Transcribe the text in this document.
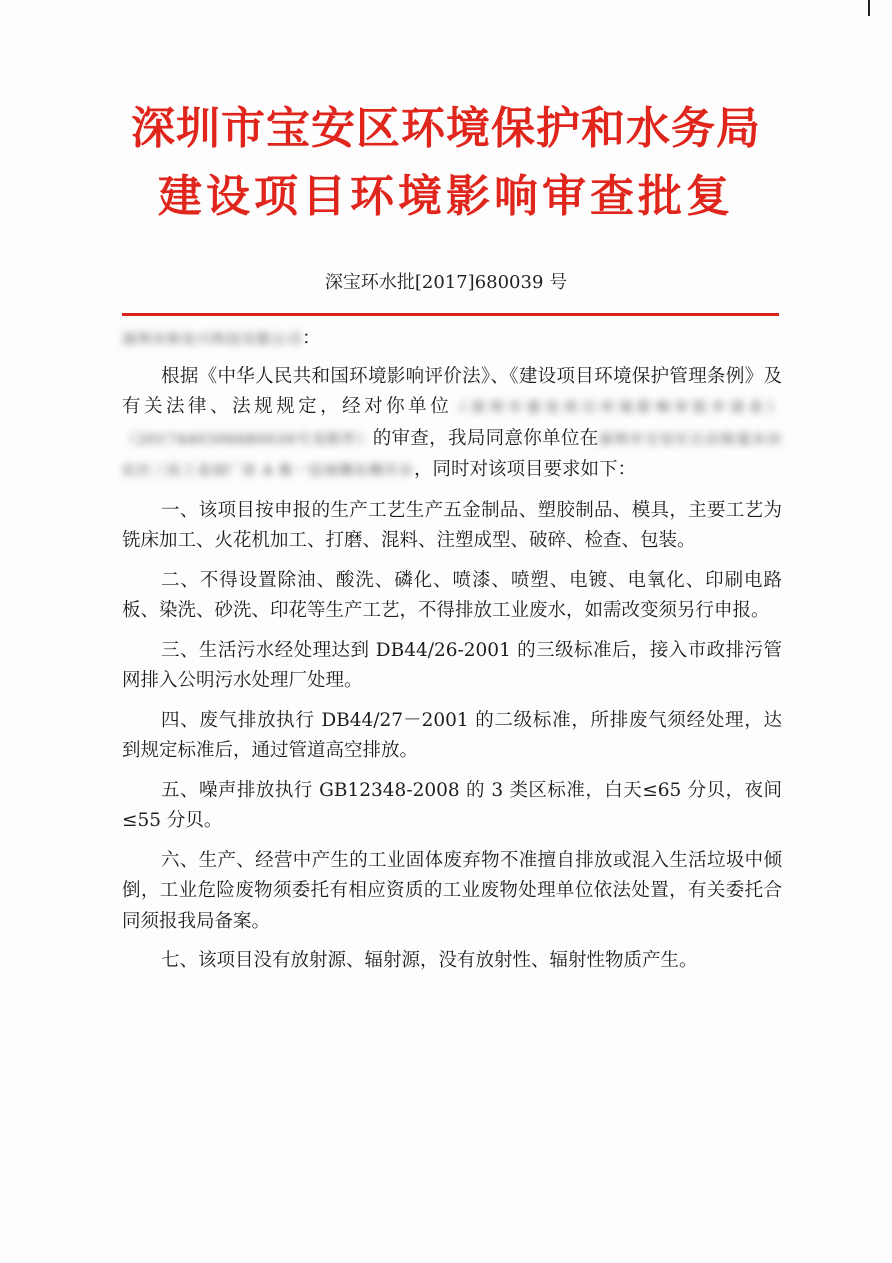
深圳市宝安区环境保护和水务局
建设项目环境影响审查批复
深宝环水批[2017]680039 号

深圳市和安兴科技有限公司：

根据《中华人民共和国环境影响评价法》、《建设项目环境保护管理条例》及有关法律、法规规定，经对你单位《深圳市建设项目环境影响审批申请表》（2017440306680039号及附件）的审查，我局同意你单位在深圳市宝安区石岩街道水田社区三民工业园厂房 A 栋一层南侧东侧开办，同时对该项目要求如下：

一、该项目按申报的生产工艺生产五金制品、塑胶制品、模具，主要工艺为铣床加工、火花机加工、打磨、混料、注塑成型、破碎、检查、包装。

二、不得设置除油、酸洗、磷化、喷漆、喷塑、电镀、电氧化、印刷电路板、染洗、砂洗、印花等生产工艺，不得排放工业废水，如需改变须另行申报。

三、生活污水经处理达到 DB44/26-2001 的三级标准后，接入市政排污管网排入公明污水处理厂处理。

四、废气排放执行 DB44/27－2001 的二级标准，所排废气须经处理，达到规定标准后，通过管道高空排放。

五、噪声排放执行 GB12348-2008 的 3 类区标准，白天≤65 分贝，夜间≤55 分贝。

六、生产、经营中产生的工业固体废弃物不准擅自排放或混入生活垃圾中倾倒，工业危险废物须委托有相应资质的工业废物处理单位依法处置，有关委托合同须报我局备案。

七、该项目没有放射源、辐射源，没有放射性、辐射性物质产生。
